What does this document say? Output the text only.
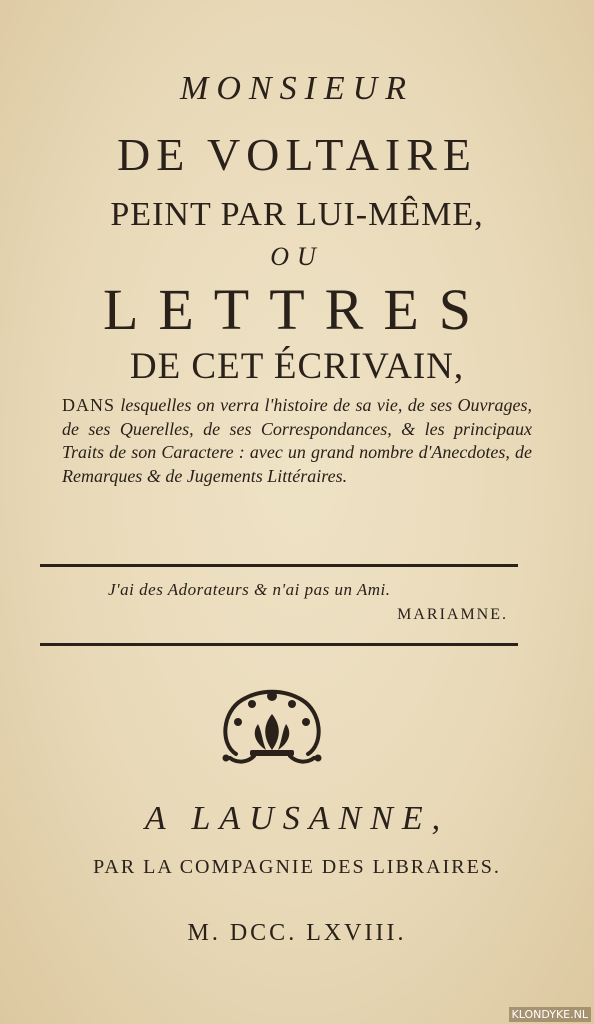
MONSIEUR
DE VOLTAIRE
PEINT PAR LUI-MÊME,
OU
LETTRES
DE CET ÉCRIVAIN,
DANS lesquelles on verra l'histoire de sa vie, de ses Ouvrages, de ses Querelles, de ses Correspondances, & les principaux Traits de son Caractere : avec un grand nombre d'Anecdotes, de Remarques & de Jugements Littéraires.
J'ai des Adorateurs & n'ai pas un Ami.
MARIAMNE.
A LAUSANNE,
PAR LA COMPAGNIE DES LIBRAIRES.
M. DCC. LXVIII.
KLONDYKE.NL
